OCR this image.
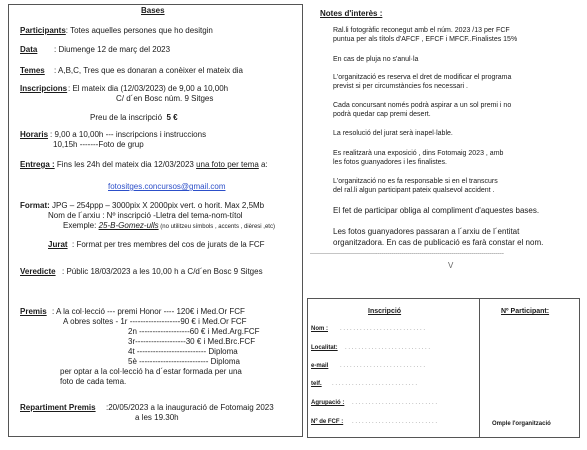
Bases
Participants: Totes aquelles persones que ho desitgin
Data : Diumenge 12 de març del 2023
Temes : A,B,C, Tres que es donaran a conèixer el mateix dia
Inscripcions : El mateix dia (12/03/2023) de 9,00 a 10,00h
C/ d´en Bosc núm. 9 Sitges
Preu de la inscripció 5 €
Horaris : 9,00 a 10,00h --- inscripcions i instruccions
10,15h -------Foto de grup
Entrega : Fins les 24h del mateix dia 12/03/2023 una foto per tema a:
fotositges.concursos@gmail.com
Format: JPG – 254ppp – 3000pix X 2000pix vert. o horit. Max 2,5Mb
Nom de l´arxiu : Nº inscripció -Lletra del tema-nom-títol
Exemple: 25-B-Gomez-ulls (no utilitzeu símbols , accents , dièresi ,etc)
Jurat : Format per tres membres del cos de jurats de la FCF
Veredicte : Públic 18/03/2023 a les 10,00 h a C/d´en Bosc 9 Sitges
Premis : A la col·lecció --- premi Honor ---- 120€ i Med.Or FCF
A obres soltes - 1r -------------------90 € i Med.Or FCF
2n -------------------60 € i Med.Arg.FCF
3r-------------------30 € i Med.Brc.FCF
4t -------------------------- Diploma
5è -------------------------- Diploma
per optar a la col·lecció ha d´estar formada per una
foto de cada tema.
Repartiment Premis :20/05/2023 a la inauguració de Fotomaig 2023
a les 19.30h
Notes d'interès :
Ral.li fotogràfic reconegut amb el núm. 2023 /13 per FCF
puntua per als títols d'AFCF , EFCF i MFCF..Finalistes 15%
En cas de pluja no s'anul·la
L'organització es reserva el dret de modificar el programa
previst si per circumstàncies fos necessari .
Cada concursant només podrà aspirar a un sol premi i no
podrà quedar cap premi desert.
La resolució del jurat serà inapel·lable.
Es realitzarà una exposició , dins Fotomaig 2023 , amb
les fotos guanyadores i les finalistes.
L'organització no es fa responsable si en el transcurs
del ral.li algun participant pateix qualsevol accident .
El fet de participar obliga al compliment d'aquestes bases.
Les fotos guanyadores passaran a l´arxiu de l´entitat
organitzadora. En cas de publicació es farà constar el nom.
-------------------------------------------------------------------------------------------------
V
Inscripció	Nº Participant:
Nom : . . . . . . . . . . . . . . . . . . . . . . . . . .
Localitat: . . . . . . . . . . . . . . . . . . . . . . . . . .
e-mail . . . . . . . . . . . . . . . . . . . . . . . . . .
telf. . . . . . . . . . . . . . . . . . . . . . . . . . .
Agrupació : . . . . . . . . . . . . . . . . . . . . . . . . . .
Nº de FCF : . . . . . . . . . . . . . . . . . . . . . . . . . .	Omple l'organització
